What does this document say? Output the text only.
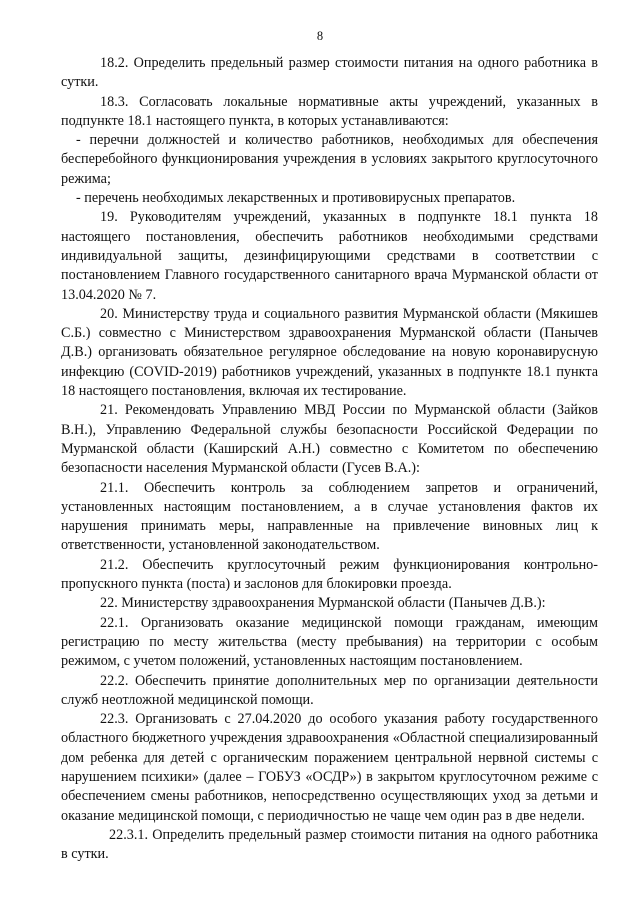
8

18.2. Определить предельный размер стоимости питания на одного работника в сутки.

18.3. Согласовать локальные нормативные акты учреждений, указанных в подпункте 18.1 настоящего пункта, в которых устанавливаются:

- перечни должностей и количество работников, необходимых для обеспечения бесперебойного функционирования учреждения в условиях закрытого круглосуточного режима;

- перечень необходимых лекарственных и противовирусных препаратов.

19. Руководителям учреждений, указанных в подпункте 18.1 пункта 18 настоящего постановления, обеспечить работников необходимыми средствами индивидуальной защиты, дезинфицирующими средствами в соответствии с постановлением Главного государственного санитарного врача Мурманской области от 13.04.2020 № 7.

20. Министерству труда и социального развития Мурманской области (Мякишев С.Б.) совместно с Министерством здравоохранения Мурманской области (Панычев Д.В.) организовать обязательное регулярное обследование на новую коронавирусную инфекцию (COVID-2019) работников учреждений, указанных в подпункте 18.1 пункта 18 настоящего постановления, включая их тестирование.

21. Рекомендовать Управлению МВД России по Мурманской области (Зайков В.Н.), Управлению Федеральной службы безопасности Российской Федерации по Мурманской области (Каширский А.Н.) совместно с Комитетом по обеспечению безопасности населения Мурманской области (Гусев В.А.):

21.1. Обеспечить контроль за соблюдением запретов и ограничений, установленных настоящим постановлением, а в случае установления фактов их нарушения принимать меры, направленные на привлечение виновных лиц к ответственности, установленной законодательством.

21.2. Обеспечить круглосуточный режим функционирования контрольно-пропускного пункта (поста) и заслонов для блокировки проезда.

22. Министерству здравоохранения Мурманской области (Панычев Д.В.):

22.1. Организовать оказание медицинской помощи гражданам, имеющим регистрацию по месту жительства (месту пребывания) на территории с особым режимом, с учетом положений, установленных настоящим постановлением.

22.2. Обеспечить принятие дополнительных мер по организации деятельности служб неотложной медицинской помощи.

22.3. Организовать с 27.04.2020 до особого указания работу государственного областного бюджетного учреждения здравоохранения «Областной специализированный дом ребенка для детей с органическим поражением центральной нервной системы с нарушением психики» (далее – ГОБУЗ «ОСДР») в закрытом круглосуточном режиме с обеспечением смены работников, непосредственно осуществляющих уход за детьми и оказание медицинской помощи, с периодичностью не чаще чем один раз в две недели.

22.3.1. Определить предельный размер стоимости питания на одного работника в сутки.
